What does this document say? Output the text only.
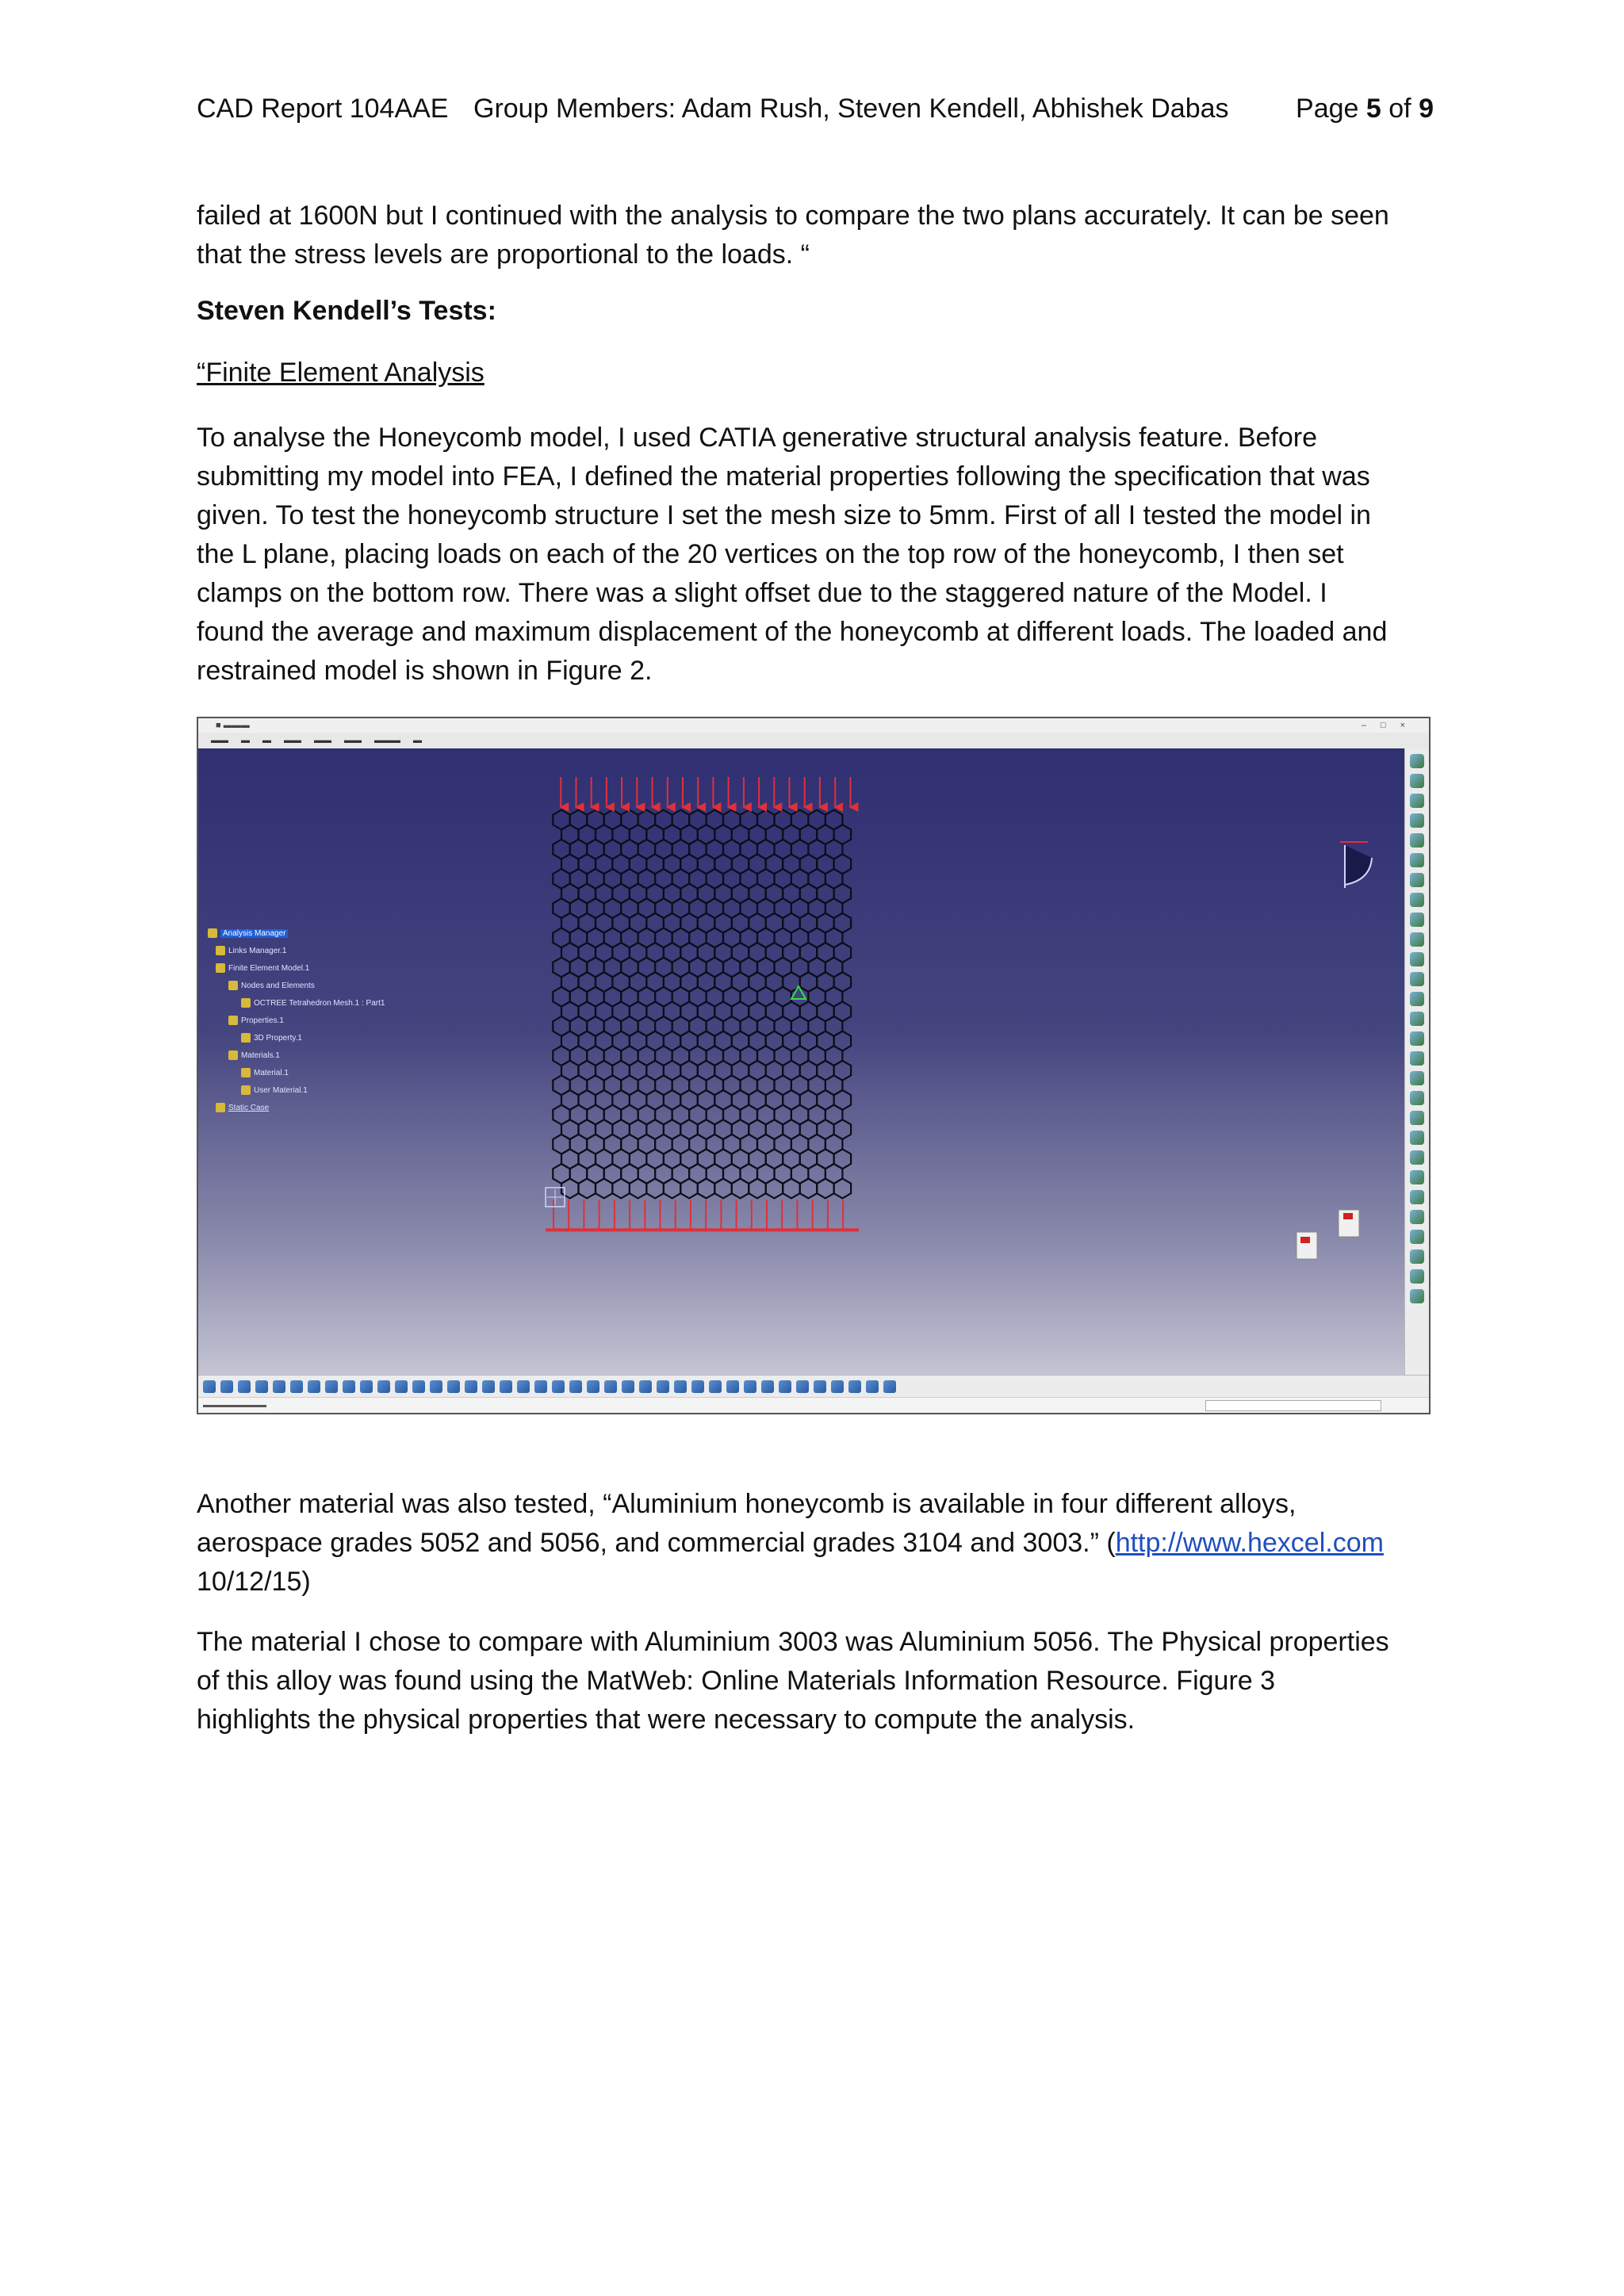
CAD Report 104AAE Group Members: Adam Rush, Steven Kendell, Abhishek Dabas Page 5 of 9

failed at 1600N but I continued with the analysis to compare the two plans accurately. It can be seen
that the stress levels are proportional to the loads. “

Steven Kendell’s Tests:

“Finite Element Analysis

To analyse the Honeycomb model, I used CATIA generative structural analysis feature. Before
submitting my model into FEA, I defined the material properties following the specification that was
given. To test the honeycomb structure I set the mesh size to 5mm. First of all I tested the model in
the L plane, placing loads on each of the 20 vertices on the top row of the honeycomb, I then set
clamps on the bottom row. There was a slight offset due to the staggered nature of the Model. I
found the average and maximum displacement of the honeycomb at different loads. The loaded and
restrained model is shown in Figure 2.

■ ▬▬▬	–□×
▬▬ ▬ ▬ ▬▬ ▬▬ ▬▬ ▬▬▬ ▬
Analysis Manager
Links Manager.1
Finite Element Model.1
Nodes and Elements
OCTREE Tetrahedron Mesh.1 : Part1
Properties.1
3D Property.1
Materials.1
Material.1
User Material.1
Static Case
▬▬▬▬▬▬▬▬

Another material was also tested, “Aluminium honeycomb is available in four different alloys,
aerospace grades 5052 and 5056, and commercial grades 3104 and 3003.” (http://www.hexcel.com
10/12/15)

The material I chose to compare with Aluminium 3003 was Aluminium 5056. The Physical properties
of this alloy was found using the MatWeb: Online Materials Information Resource. Figure 3
highlights the physical properties that were necessary to compute the analysis.
